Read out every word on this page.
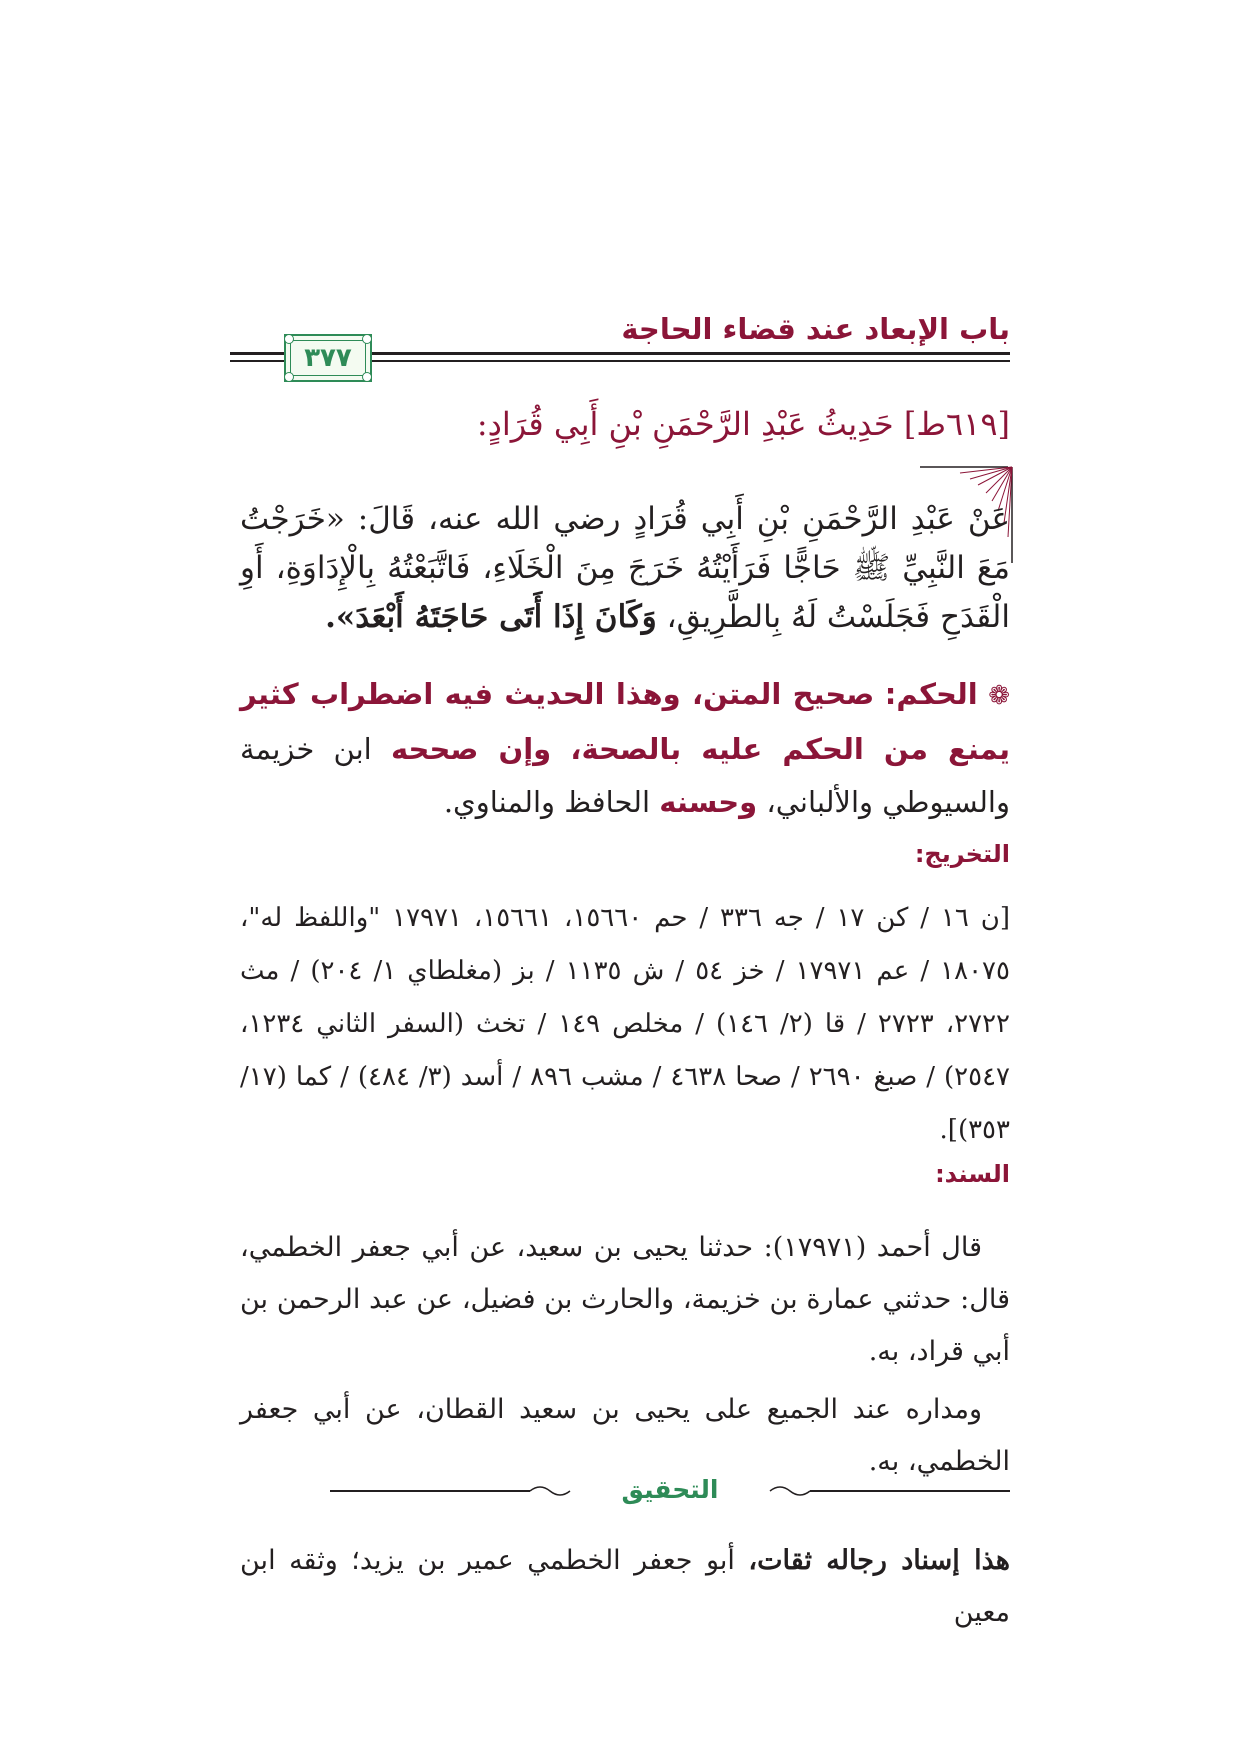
باب الإبعاد عند قضاء الحاجة
٣٧٧
[٦١٩ط] حَدِيثُ عَبْدِ الرَّحْمَنِ بْنِ أَبِي قُرَادٍ:
عَنْ عَبْدِ الرَّحْمَنِ بْنِ أَبِي قُرَادٍ رضي الله عنه، قَالَ: «خَرَجْتُ مَعَ النَّبِيِّ ﷺ حَاجًّا فَرَأَيْتُهُ خَرَجَ مِنَ الْخَلَاءِ، فَاتَّبَعْتُهُ بِالْإِدَاوَةِ، أَوِ الْقَدَحِ فَجَلَسْتُ لَهُ بِالطَّرِيقِ، وَكَانَ إِذَا أَتَى حَاجَتَهُ أَبْعَدَ».
❁ الحكم: صحيح المتن، وهذا الحديث فيه اضطراب كثير يمنع من الحكم عليه بالصحة، وإن صححه ابن خزيمة والسيوطي والألباني، وحسنه الحافظ والمناوي.
التخريج:
[ن ١٦ / كن ١٧ / جه ٣٣٦ / حم ١٥٦٦٠، ١٥٦٦١، ١٧٩٧١ "واللفظ له"، ١٨٠٧٥ / عم ١٧٩٧١ / خز ٥٤ / ش ١١٣٥ / بز (مغلطاي ١/ ٢٠٤) / مث ٢٧٢٢، ٢٧٢٣ / قا (٢/ ١٤٦) / مخلص ١٤٩ / تخث (السفر الثاني ١٢٣٤، ٢٥٤٧) / صبغ ٢٦٩٠ / صحا ٤٦٣٨ / مشب ٨٩٦ / أسد (٣/ ٤٨٤) / كما (١٧/ ٣٥٣)].
السند:
قال أحمد (١٧٩٧١): حدثنا يحيى بن سعيد، عن أبي جعفر الخطمي، قال: حدثني عمارة بن خزيمة، والحارث بن فضيل، عن عبد الرحمن بن أبي قراد، به.
ومداره عند الجميع على يحيى بن سعيد القطان، عن أبي جعفر الخطمي، به.
التحقيق
هذا إسناد رجاله ثقات، أبو جعفر الخطمي عمير بن يزيد؛ وثقه ابن معين
